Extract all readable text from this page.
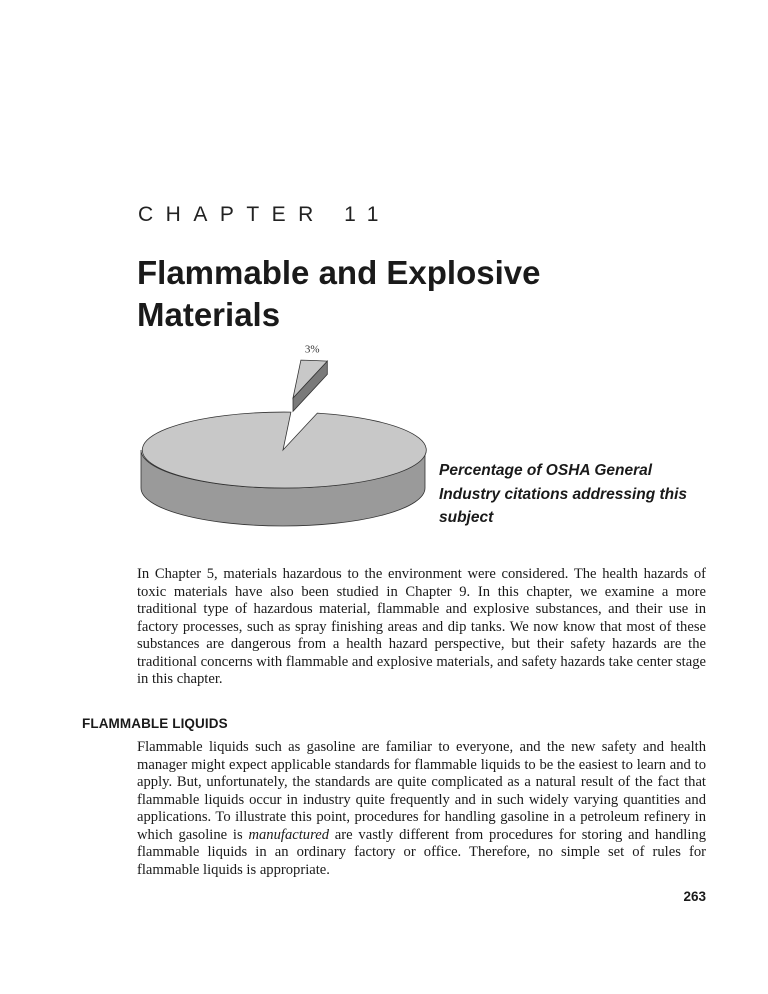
CHAPTER 11
Flammable and Explosive Materials
3%
Percentage of OSHA General Industry citations addressing this subject

In Chapter 5, materials hazardous to the environment were considered. The health hazards of toxic materials have also been studied in Chapter 9. In this chapter, we examine a more traditional type of hazardous material, flammable and explosive substances, and their use in factory processes, such as spray finishing areas and dip tanks. We now know that most of these substances are dangerous from a health hazard perspective, but their safety hazards are the traditional concerns with flammable and explosive materials, and safety hazards take center stage in this chapter.

FLAMMABLE LIQUIDS

Flammable liquids such as gasoline are familiar to everyone, and the new safety and health manager might expect applicable standards for flammable liquids to be the easiest to learn and to apply. But, unfortunately, the standards are quite complicated as a natural result of the fact that flammable liquids occur in industry quite frequently and in such widely varying quantities and applications. To illustrate this point, procedures for handling gasoline in a petroleum refinery in which gasoline is manufactured are vastly different from procedures for storing and handling flammable liquids in an ordinary factory or office. Therefore, no simple set of rules for flammable liquids is appropriate.

263
